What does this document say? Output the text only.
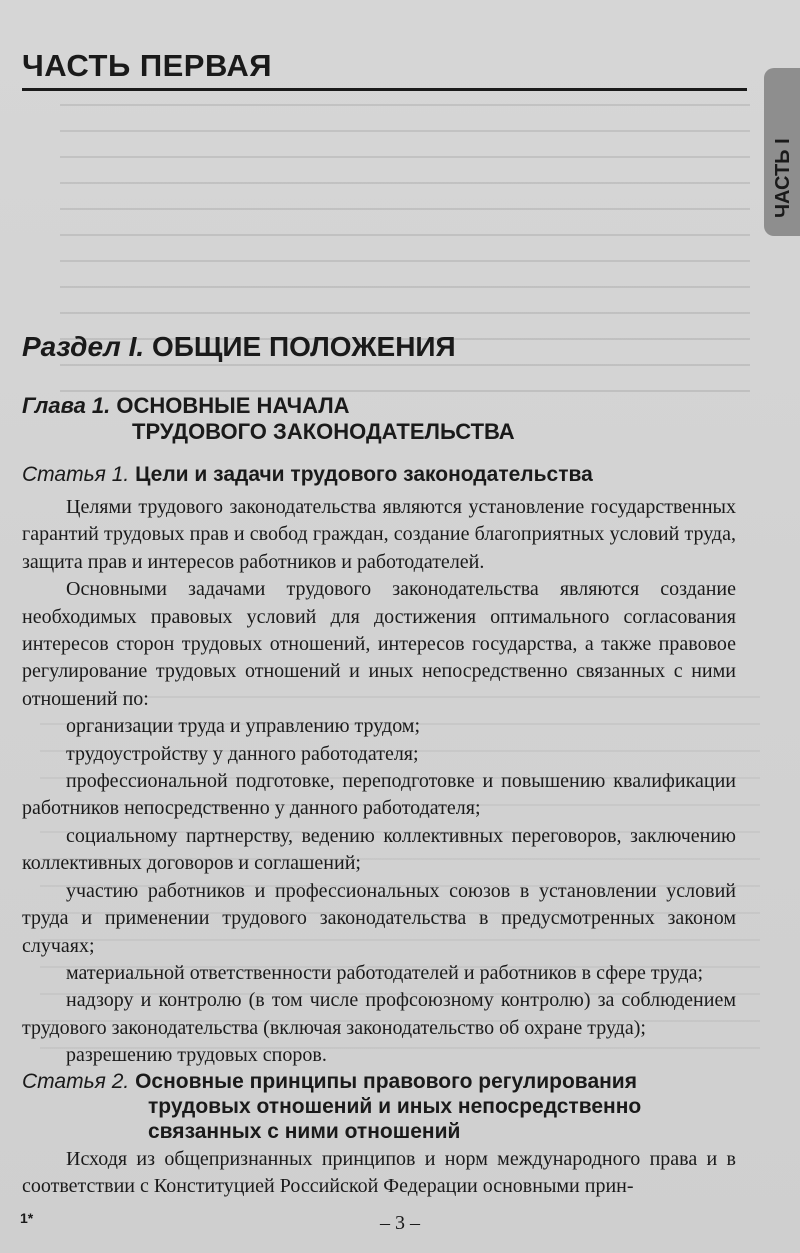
ЧАСТЬ ПЕРВАЯ
ЧАСТЬ I
Раздел I. ОБЩИЕ ПОЛОЖЕНИЯ
Глава 1. ОСНОВНЫЕ НАЧАЛА
ТРУДОВОГО ЗАКОНОДАТЕЛЬСТВА
Статья 1. Цели и задачи трудового законодательства

Целями трудового законодательства являются установление государственных гарантий трудовых прав и свобод граждан, создание благоприятных условий труда, защита прав и интересов работников и работодателей.

Основными задачами трудового законодательства являются создание необходимых правовых условий для достижения оптимального согласования интересов сторон трудовых отношений, интересов государства, а также правовое регулирование трудовых отношений и иных непосредственно связанных с ними отношений по:

организации труда и управлению трудом;

трудоустройству у данного работодателя;

профессиональной подготовке, переподготовке и повышению квалификации работников непосредственно у данного работодателя;

социальному партнерству, ведению коллективных переговоров, заключению коллективных договоров и соглашений;

участию работников и профессиональных союзов в установлении условий труда и применении трудового законодательства в предусмотренных законом случаях;

материальной ответственности работодателей и работников в сфере труда;

надзору и контролю (в том числе профсоюзному контролю) за соблюдением трудового законодательства (включая законодательство об охране труда);

разрешению трудовых споров.

Статья 2. Основные принципы правового регулирования
трудовых отношений и иных непосредственно
связанных с ними отношений

Исходя из общепризнанных принципов и норм международного права и в соответствии с Конституцией Российской Федерации основными прин-

1*	– 3 –
